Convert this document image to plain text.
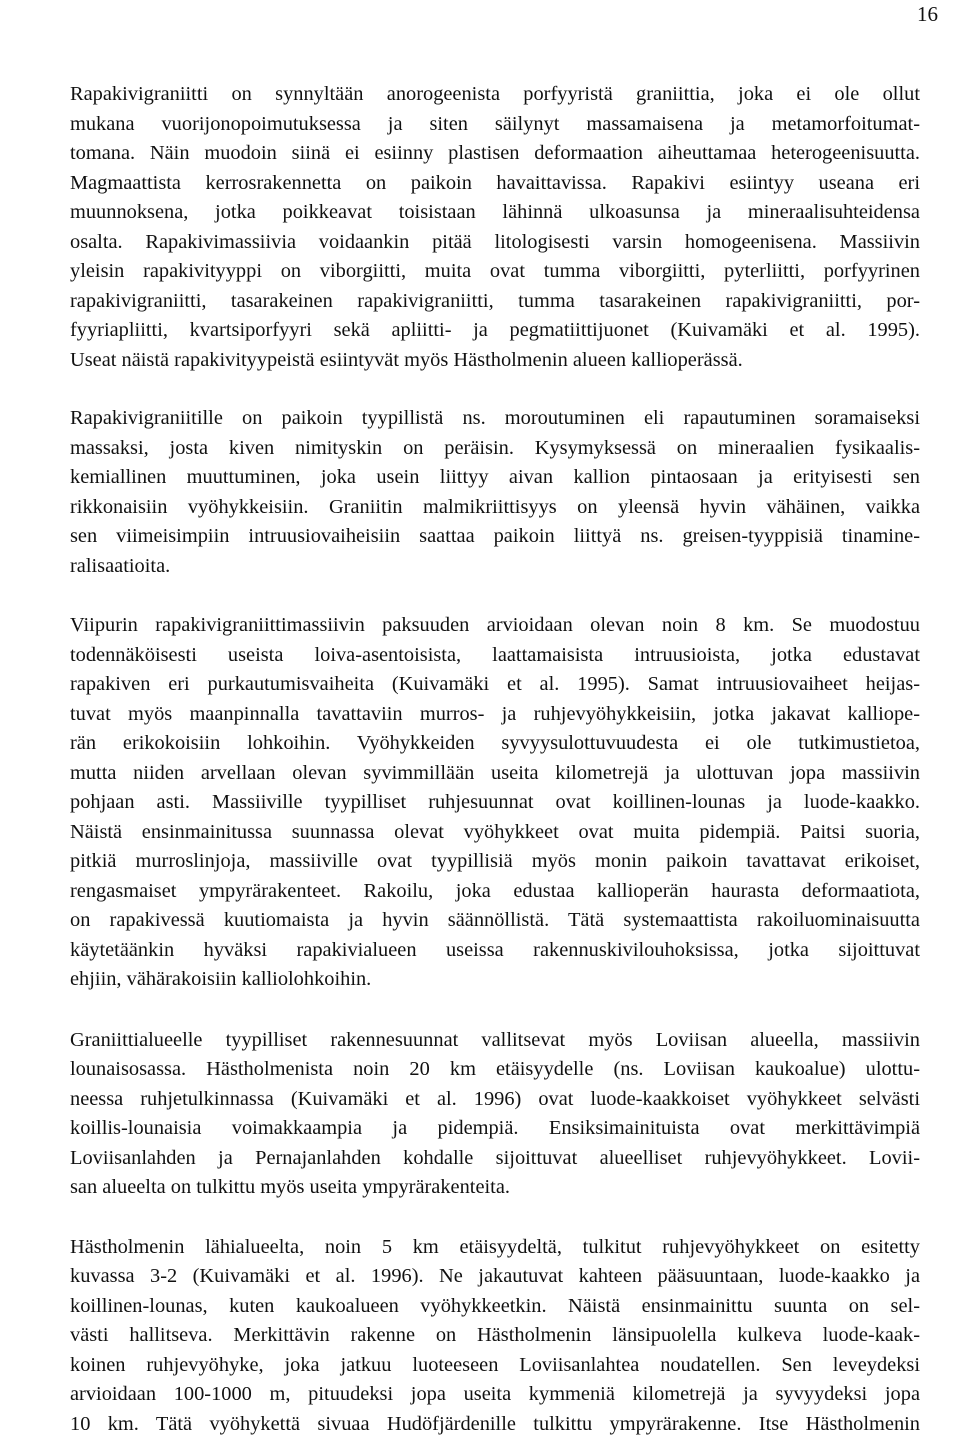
16

Rapakivigraniitti on synnyltään anorogeenista porfyyristä graniittia, joka ei ole ollut
mukana vuorijonopoimutuksessa ja siten säilynyt massamaisena ja metamorfoitumat-
tomana. Näin muodoin siinä ei esiinny plastisen deformaation aiheuttamaa heterogeenisuutta.
Magmaattista kerrosrakennetta on paikoin havaittavissa. Rapakivi esiintyy useana eri
muunnoksena, jotka poikkeavat toisistaan lähinnä ulkoasunsa ja mineraalisuhteidensa
osalta. Rapakivimassiivia voidaankin pitää litologisesti varsin homogeenisena. Massiivin
yleisin rapakivityyppi on viborgiitti, muita ovat tumma viborgiitti, pyterliitti, porfyyrinen
rapakivigraniitti, tasarakeinen rapakivigraniitti, tumma tasarakeinen rapakivigraniitti, por-
fyyriapliitti, kvartsiporfyyri sekä apliitti- ja pegmatiittijuonet (Kuivamäki et al. 1995).
Useat näistä rapakivityypeistä esiintyvät myös Hästholmenin alueen kallioperässä.

Rapakivigraniitille on paikoin tyypillistä ns. moroutuminen eli rapautuminen soramaiseksi
massaksi, josta kiven nimityskin on peräisin. Kysymyksessä on mineraalien fysikaalis-
kemiallinen muuttuminen, joka usein liittyy aivan kallion pintaosaan ja erityisesti sen
rikkonaisiin vyöhykkeisiin. Graniitin malmikriittisyys on yleensä hyvin vähäinen, vaikka
sen viimeisimpiin intruusiovaiheisiin saattaa paikoin liittyä ns. greisen-tyyppisiä tinamine-
ralisaatioita.

Viipurin rapakivigraniittimassiivin paksuuden arvioidaan olevan noin 8 km. Se muodostuu
todennäköisesti useista loiva-asentoisista, laattamaisista intruusioista, jotka edustavat
rapakiven eri purkautumisvaiheita (Kuivamäki et al. 1995). Samat intruusiovaiheet heijas-
tuvat myös maanpinnalla tavattaviin murros- ja ruhjevyöhykkeisiin, jotka jakavat kalliope-
rän erikokoisiin lohkoihin. Vyöhykkeiden syvyysulottuvuudesta ei ole tutkimustietoa,
mutta niiden arvellaan olevan syvimmillään useita kilometrejä ja ulottuvan jopa massiivin
pohjaan asti. Massiiville tyypilliset ruhjesuunnat ovat koillinen-lounas ja luode-kaakko.
Näistä ensinmainitussa suunnassa olevat vyöhykkeet ovat muita pidempiä. Paitsi suoria,
pitkiä murroslinjoja, massiiville ovat tyypillisiä myös monin paikoin tavattavat erikoiset,
rengasmaiset ympyrärakenteet. Rakoilu, joka edustaa kallioperän haurasta deformaatiota,
on rapakivessä kuutiomaista ja hyvin säännöllistä. Tätä systemaattista rakoiluominaisuutta
käytetäänkin hyväksi rapakivialueen useissa rakennuskivilouhoksissa, jotka sijoittuvat
ehjiin, vähärakoisiin kalliolohkoihin.

Graniittialueelle tyypilliset rakennesuunnat vallitsevat myös Loviisan alueella, massiivin
lounaisosassa. Hästholmenista noin 20 km etäisyydelle (ns. Loviisan kaukoalue) ulottu-
neessa ruhjetulkinnassa (Kuivamäki et al. 1996) ovat luode-kaakkoiset vyöhykkeet selvästi
koillis-lounaisia voimakkaampia ja pidempiä. Ensiksimainituista ovat merkittävimpiä
Loviisanlahden ja Pernajanlahden kohdalle sijoittuvat alueelliset ruhjevyöhykkeet. Lovii-
san alueelta on tulkittu myös useita ympyrärakenteita.

Hästholmenin lähialueelta, noin 5 km etäisyydeltä, tulkitut ruhjevyöhykkeet on esitetty
kuvassa 3-2 (Kuivamäki et al. 1996). Ne jakautuvat kahteen pääsuuntaan, luode-kaakko ja
koillinen-lounas, kuten kaukoalueen vyöhykkeetkin. Näistä ensinmainittu suunta on sel-
västi hallitseva. Merkittävin rakenne on Hästholmenin länsipuolella kulkeva luode-kaak-
koinen ruhjevyöhyke, joka jatkuu luoteeseen Loviisanlahtea noudatellen. Sen leveydeksi
arvioidaan 100-1000 m, pituudeksi jopa useita kymmeniä kilometrejä ja syvyydeksi jopa
10 km. Tätä vyöhykettä sivuaa Hudöfjärdenille tulkittu ympyrärakenne. Itse Hästholmenin
